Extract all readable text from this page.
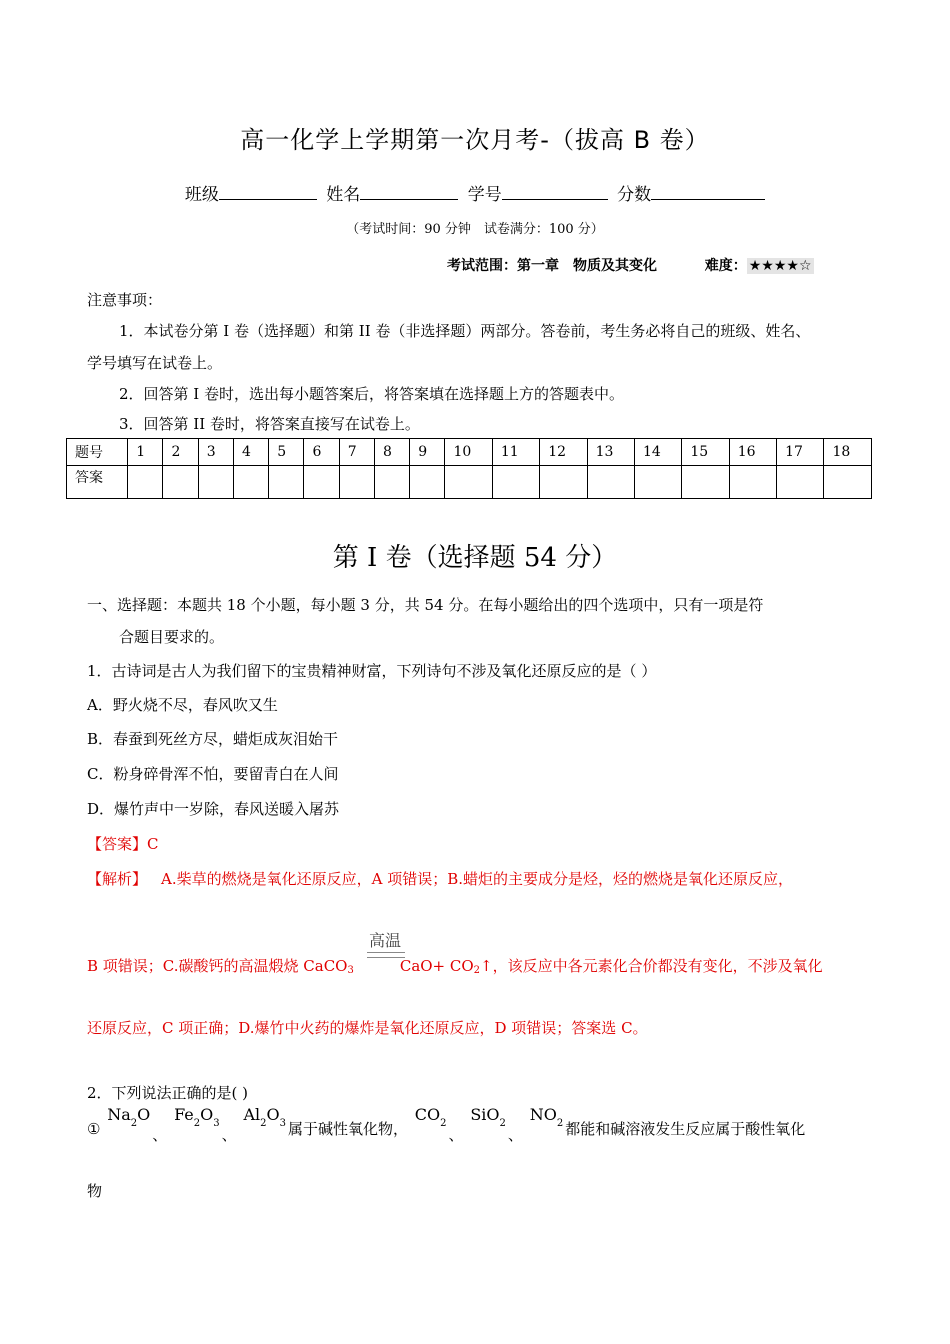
高一化学上学期第一次月考-（拔高 B 卷）
班级	姓名	学号	分数
（考试时间：90 分钟　试卷满分：100 分）
考试范围：第一章　物质及其变化	难度： ★★★★☆
注意事项：
1．本试卷分第 I 卷（选择题）和第 II 卷（非选择题）两部分。答卷前，考生务必将自己的班级、姓名、
学号填写在试卷上。
2．回答第 I 卷时，选出每小题答案后，将答案填在选择题上方的答题表中。
3．回答第 II 卷时，将答案直接写在试卷上。
题号	1	2	3	4	5	6	7	8	9	10	11	12	13	14	15	16	17	18
答案																		
第 I 卷（选择题 54 分）
一、选择题：本题共 18 个小题，每小题 3 分，共 54 分。在每小题给出的四个选项中，只有一项是符
合题目要求的。
1．古诗词是古人为我们留下的宝贵精神财富，下列诗句不涉及氧化还原反应的是（ ）
A．野火烧不尽，春风吹又生
B．春蚕到死丝方尽，蜡炬成灰泪始干
C．粉身碎骨浑不怕，要留青白在人间
D．爆竹声中一岁除，春风送暖入屠苏
【答案】C
【解析】 A.柴草的燃烧是氧化还原反应，A 项错误；B.蜡炬的主要成分是烃，烃的燃烧是氧化还原反应，
高温
B 项错误；C.碳酸钙的高温煅烧 CaCO$_3$	$CaO+ CO_2↑$，该反应中各元素化合价都没有变化，不涉及氧化
还原反应，C 项正确；D.爆竹中火药的爆炸是氧化还原反应，D 项错误；答案选 C。
2．下列说法正确的是( )
① $Na_2O$、 $Fe_2O_3$、 $Al_2O_3$ 属于碱性氧化物， $CO_2$、 SiO$_2$、 $NO_2$ 都能和碱溶液发生反应属于酸性氧化
物
